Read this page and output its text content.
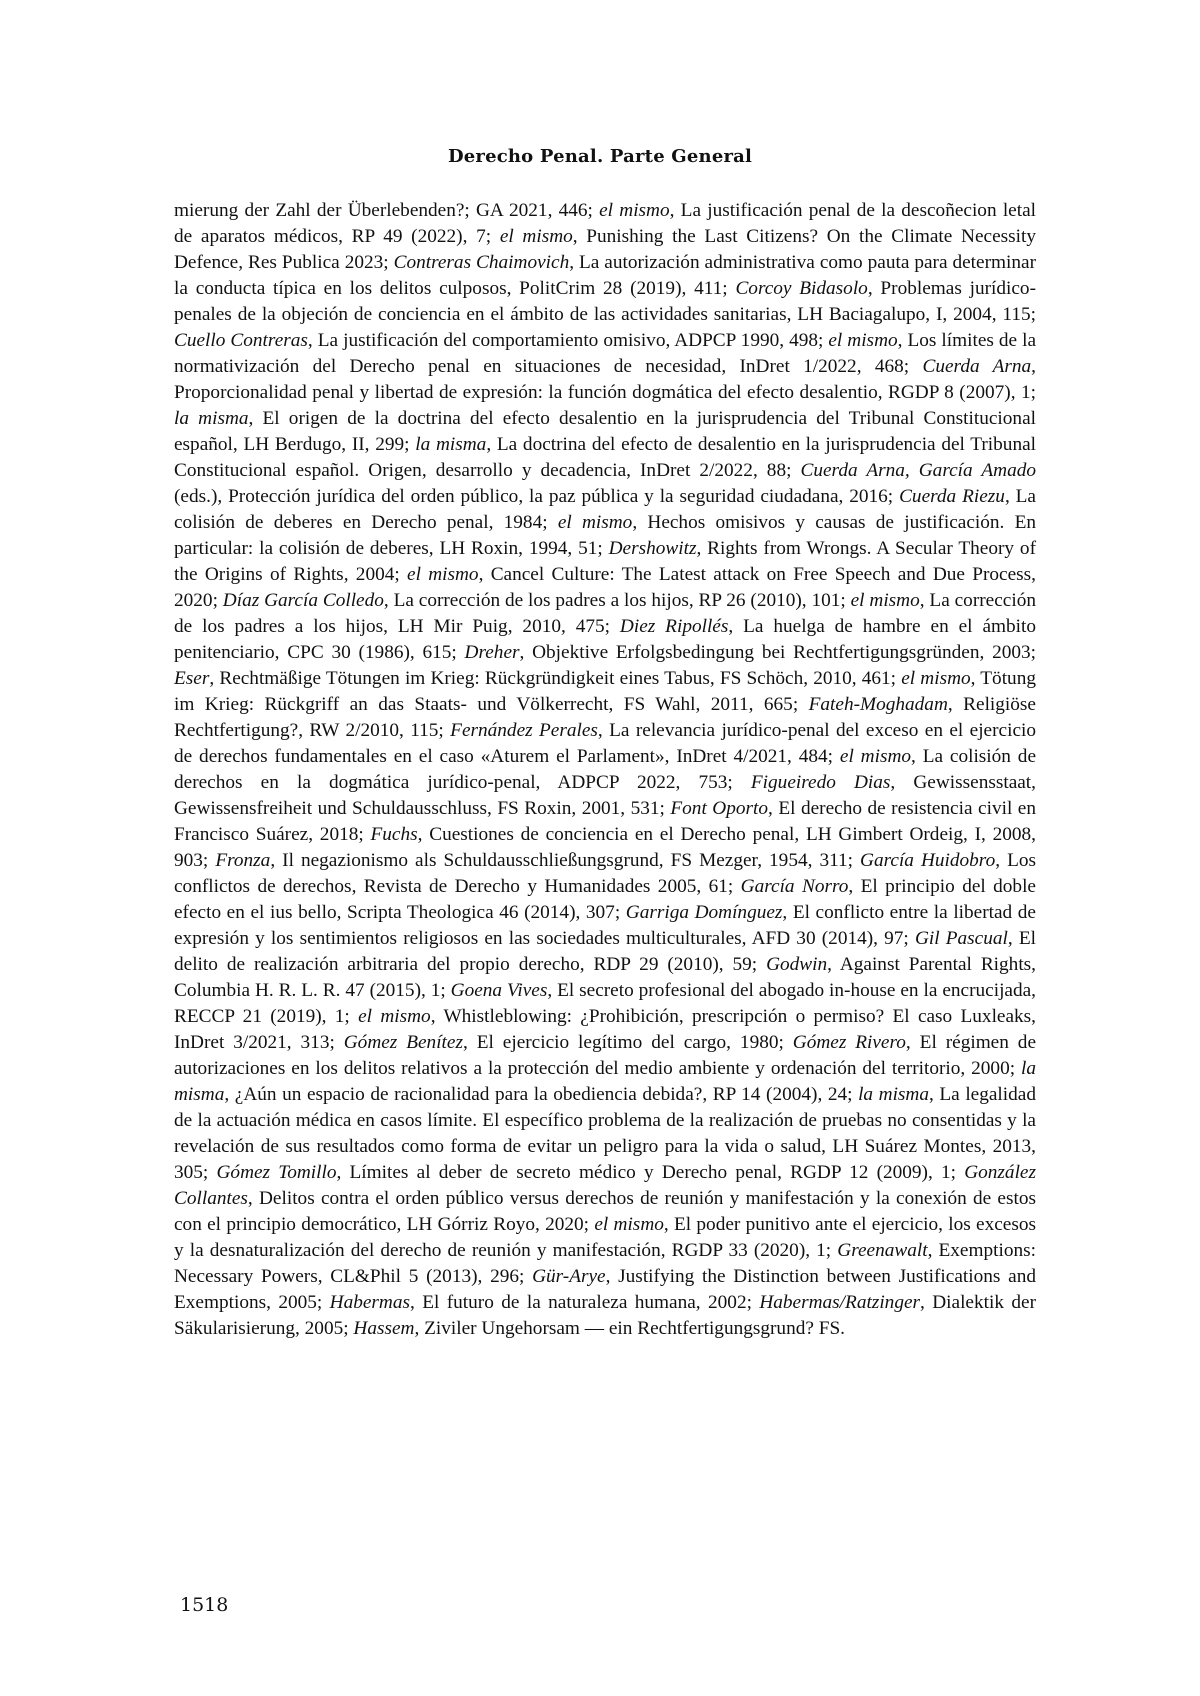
Derecho Penal. Parte General

mierung der Zahl der Überlebenden?; GA 2021, 446; el mismo, La justificación penal de la descoñecion letal de aparatos médicos, RP 49 (2022), 7; el mismo, Punishing the Last Citizens? On the Climate Necessity Defence, Res Publica 2023; Contreras Chaimovich, La autorización administrativa como pauta para determinar la conducta típica en los delitos culposos, PolitCrim 28 (2019), 411; Corcoy Bidasolo, Problemas jurídico-penales de la objeción de conciencia en el ámbito de las actividades sanitarias, LH Baciagalupo, I, 2004, 115; Cuello Contreras, La justificación del comportamiento omisivo, ADPCP 1990, 498; el mismo, Los límites de la normativización del Derecho penal en situaciones de necesidad, InDret 1/2022, 468; Cuerda Arna, Proporcionalidad penal y libertad de expresión: la función dogmática del efecto desalentio, RGDP 8 (2007), 1; la misma, El origen de la doctrina del efecto desalentio en la jurisprudencia del Tribunal Constitucional español, LH Berdugo, II, 299; la misma, La doctrina del efecto de desalentio en la jurisprudencia del Tribunal Constitucional español. Origen, desarrollo y decadencia, InDret 2/2022, 88; Cuerda Arna, García Amado (eds.), Protección jurídica del orden público, la paz pública y la seguridad ciudadana, 2016; Cuerda Riezu, La colisión de deberes en Derecho penal, 1984; el mismo, Hechos omisivos y causas de justificación. En particular: la colisión de deberes, LH Roxin, 1994, 51; Dershowitz, Rights from Wrongs. A Secular Theory of the Origins of Rights, 2004; el mismo, Cancel Culture: The Latest attack on Free Speech and Due Process, 2020; Díaz García Colledo, La corrección de los padres a los hijos, RP 26 (2010), 101; el mismo, La corrección de los padres a los hijos, LH Mir Puig, 2010, 475; Diez Ripollés, La huelga de hambre en el ámbito penitenciario, CPC 30 (1986), 615; Dreher, Objektive Erfolgsbedingung bei Rechtfertigungsgründen, 2003; Eser, Rechtmäßige Tötungen im Krieg: Rückgründigkeit eines Tabus, FS Schöch, 2010, 461; el mismo, Tötung im Krieg: Rückgriff an das Staats- und Völkerrecht, FS Wahl, 2011, 665; Fateh-Moghadam, Religiöse Rechtfertigung?, RW 2/2010, 115; Fernández Perales, La relevancia jurídico-penal del exceso en el ejercicio de derechos fundamentales en el caso «Aturem el Parlament», InDret 4/2021, 484; el mismo, La colisión de derechos en la dogmática jurídico-penal, ADPCP 2022, 753; Figueiredo Dias, Gewissensstaat, Gewissensfreiheit und Schuldausschluss, FS Roxin, 2001, 531; Font Oporto, El derecho de resistencia civil en Francisco Suárez, 2018; Fuchs, Cuestiones de conciencia en el Derecho penal, LH Gimbert Ordeig, I, 2008, 903; Fronza, Il negazionismo als Schuldausschließungsgrund, FS Mezger, 1954, 311; García Huidobro, Los conflictos de derechos, Revista de Derecho y Humanidades 2005, 61; García Norro, El principio del doble efecto en el ius bello, Scripta Theologica 46 (2014), 307; Garriga Domínguez, El conflicto entre la libertad de expresión y los sentimientos religiosos en las sociedades multiculturales, AFD 30 (2014), 97; Gil Pascual, El delito de realización arbitraria del propio derecho, RDP 29 (2010), 59; Godwin, Against Parental Rights, Columbia H. R. L. R. 47 (2015), 1; Goena Vives, El secreto profesional del abogado in-house en la encrucijada, RECCP 21 (2019), 1; el mismo, Whistleblowing: ¿Prohibición, prescripción o permiso? El caso Luxleaks, InDret 3/2021, 313; Gómez Benítez, El ejercicio legítimo del cargo, 1980; Gómez Rivero, El régimen de autorizaciones en los delitos relativos a la protección del medio ambiente y ordenación del territorio, 2000; la misma, ¿Aún un espacio de racionalidad para la obediencia debida?, RP 14 (2004), 24; la misma, La legalidad de la actuación médica en casos límite. El específico problema de la realización de pruebas no consentidas y la revelación de sus resultados como forma de evitar un peligro para la vida o salud, LH Suárez Montes, 2013, 305; Gómez Tomillo, Límites al deber de secreto médico y Derecho penal, RGDP 12 (2009), 1; González Collantes, Delitos contra el orden público versus derechos de reunión y manifestación y la conexión de estos con el principio democrático, LH Górriz Royo, 2020; el mismo, El poder punitivo ante el ejercicio, los excesos y la desnaturalización del derecho de reunión y manifestación, RGDP 33 (2020), 1; Greenawalt, Exemptions: Necessary Powers, CL&Phil 5 (2013), 296; Gür-Arye, Justifying the Distinction between Justifications and Exemptions, 2005; Habermas, El futuro de la naturaleza humana, 2002; Habermas/Ratzinger, Dialektik der Säkularisierung, 2005; Hassem, Ziviler Ungehorsam — ein Rechtfertigungsgrund? FS.

1518
